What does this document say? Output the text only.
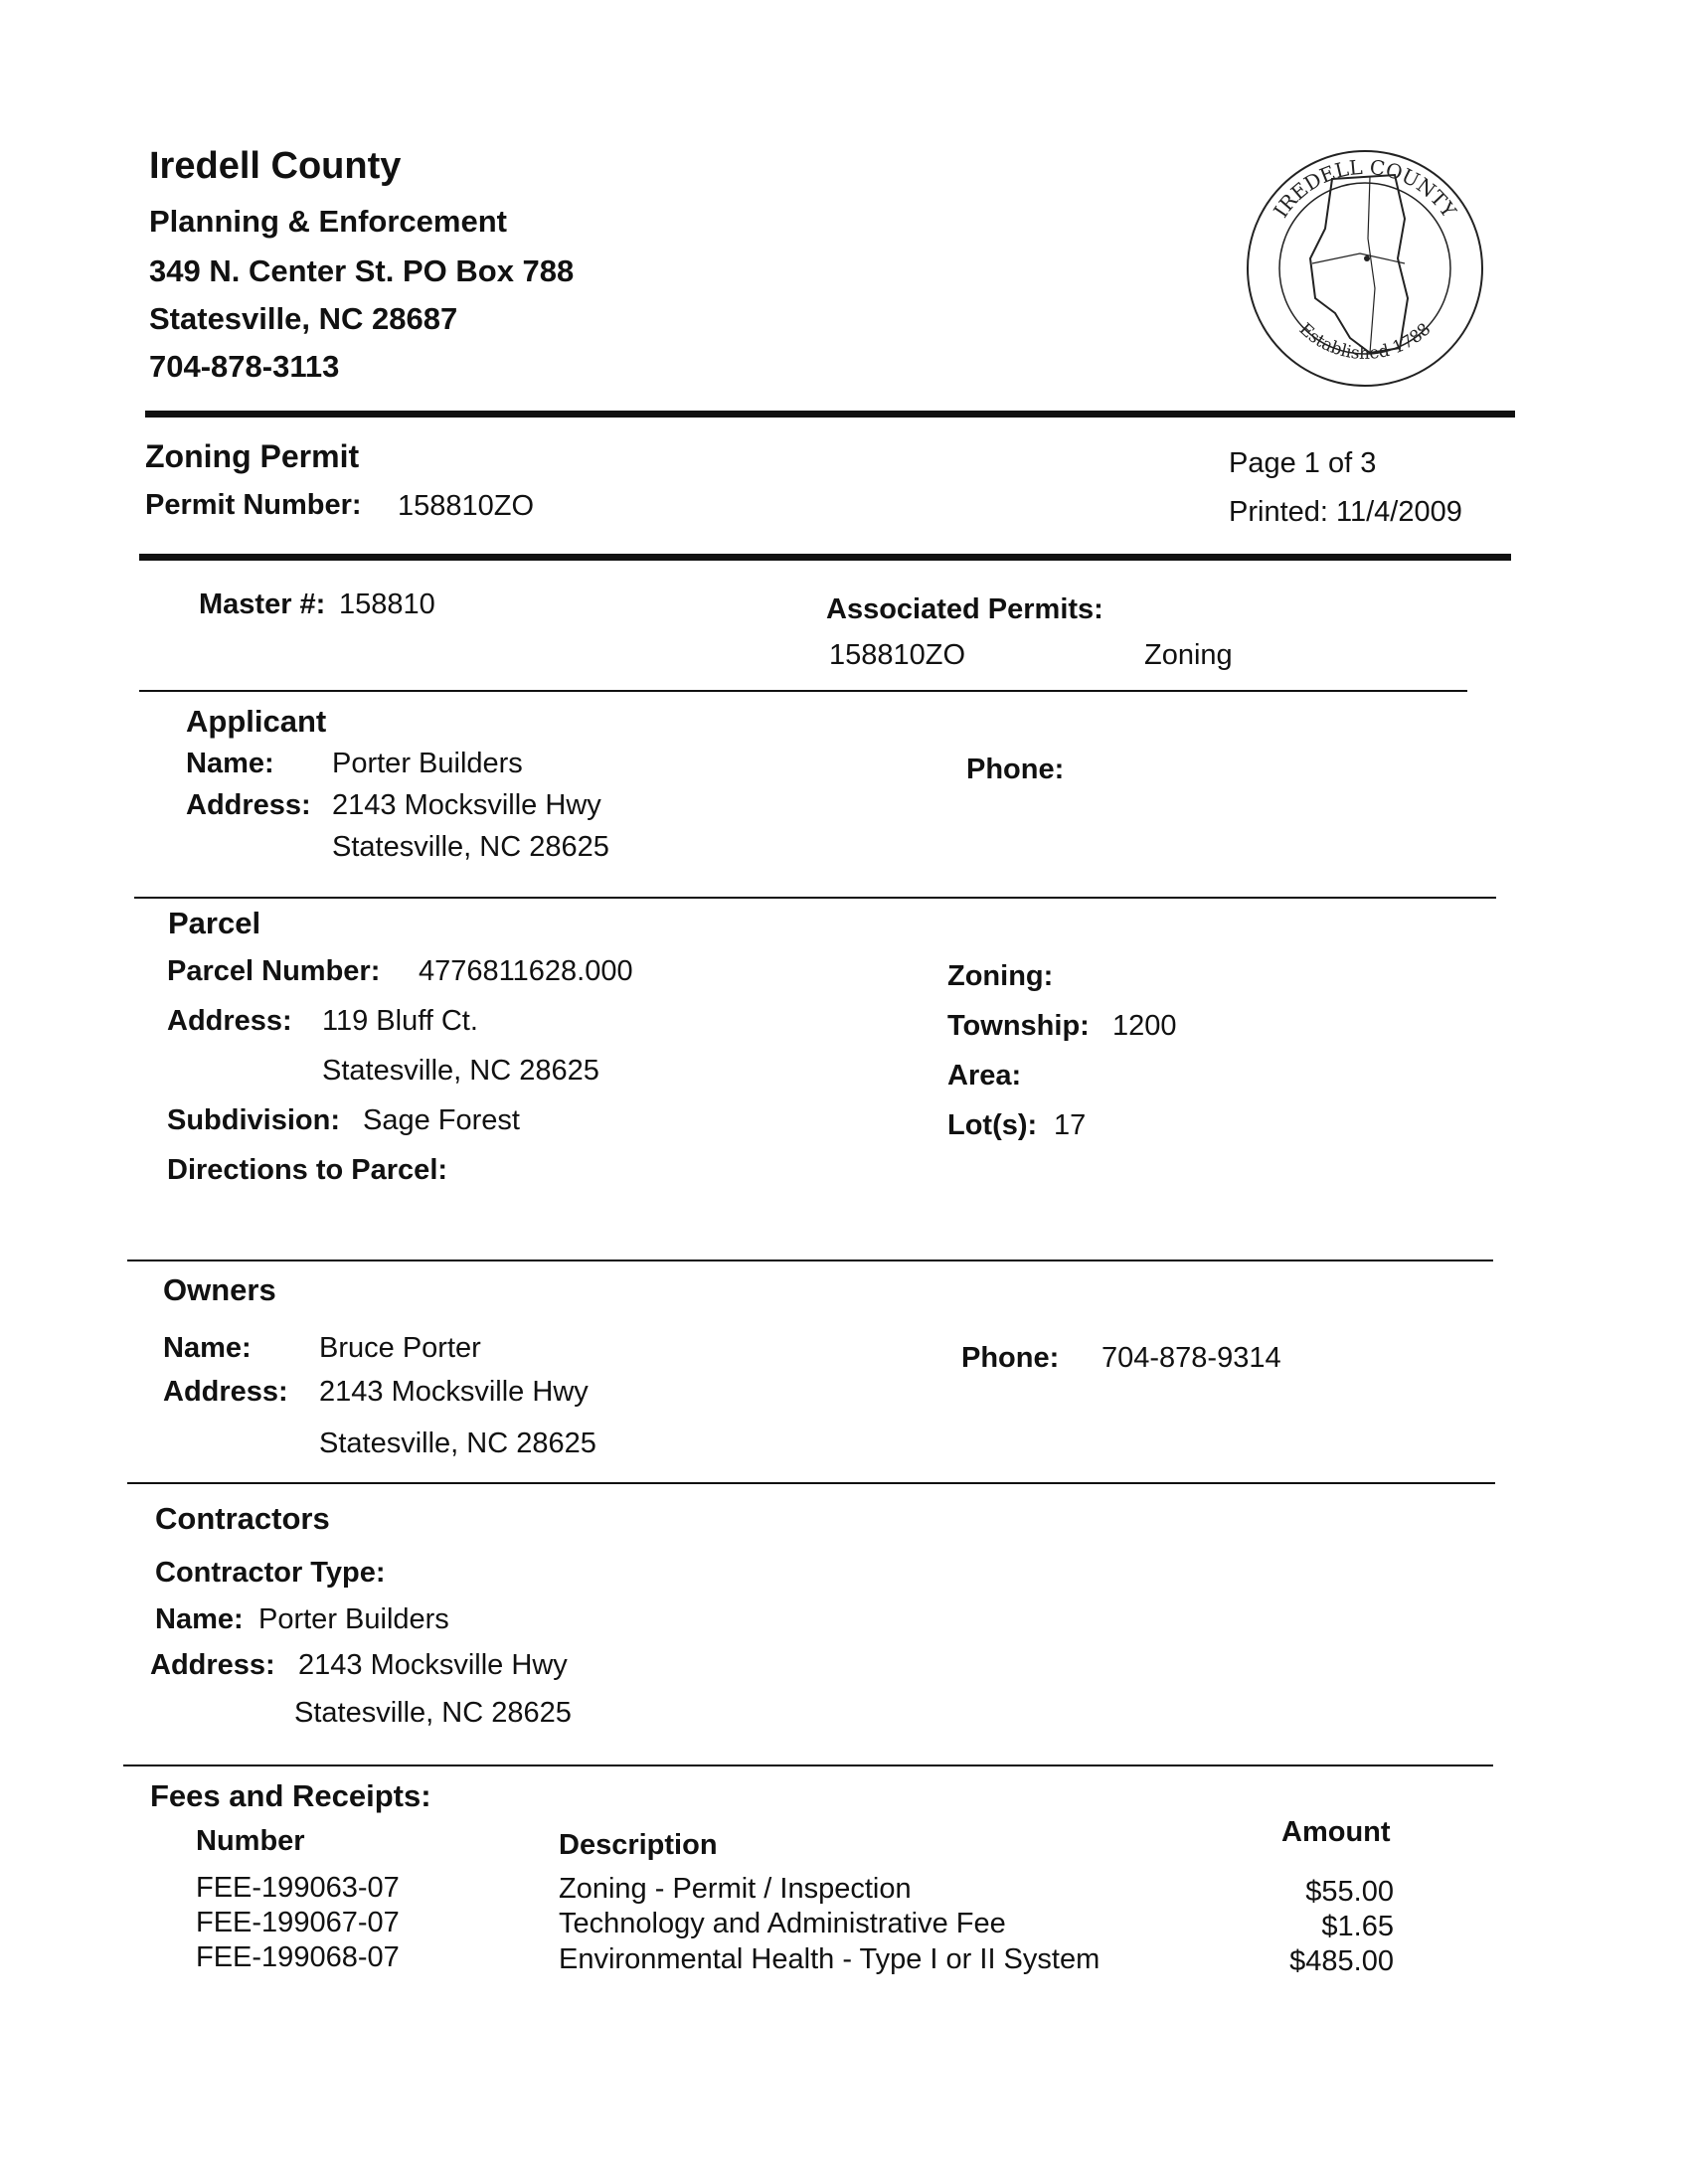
Iredell County
Planning & Enforcement
349 N. Center St. PO Box 788
Statesville, NC 28687
704-878-3113
IREDELL COUNTY
Established 1788
Zoning Permit
Permit Number: 158810ZO
Page 1 of 3
Printed: 11/4/2009
Master #: 158810	Associated Permits:
158810ZO	Zoning
Applicant
Name: Porter Builders
Address: 2143 Mocksville Hwy
Statesville, NC 28625
Phone:
Parcel
Parcel Number: 4776811628.000
Address: 119 Bluff Ct.
Statesville, NC 28625
Subdivision: Sage Forest
Directions to Parcel:
Zoning:
Township: 1200
Area:
Lot(s): 17
Owners
Name: Bruce Porter
Address: 2143 Mocksville Hwy
Statesville, NC 28625
Phone: 704-878-9314
Contractors
Contractor Type:
Name: Porter Builders
Address: 2143 Mocksville Hwy
Statesville, NC 28625
Fees and Receipts:
Number	Description	Amount
FEE-199063-07	Zoning - Permit / Inspection	$55.00
FEE-199067-07	Technology and Administrative Fee	$1.65
FEE-199068-07	Environmental Health - Type I or II System	$485.00
